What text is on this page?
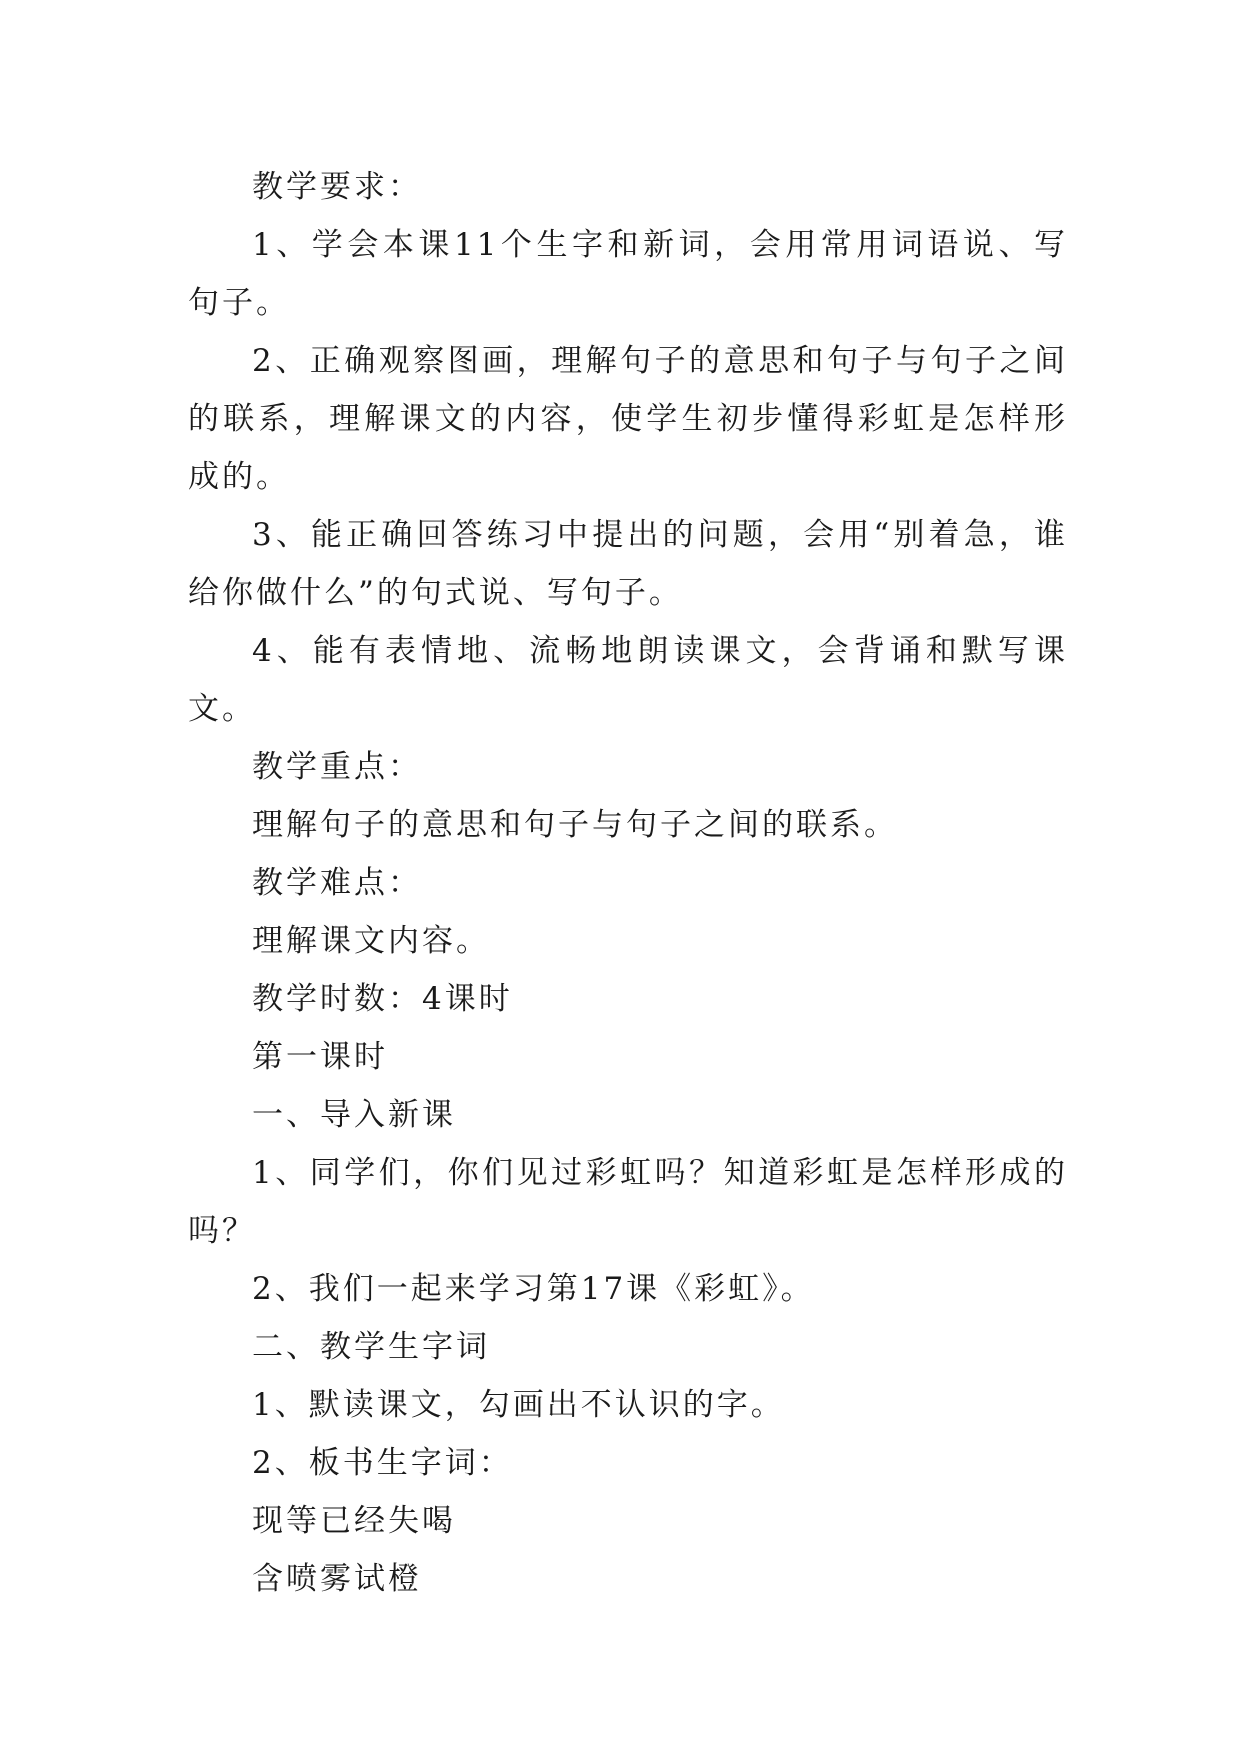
教学要求：

1、学会本课11个生字和新词，会用常用词语说、写句子。

2、正确观察图画，理解句子的意思和句子与句子之间的联系，理解课文的内容，使学生初步懂得彩虹是怎样形成的。

3、能正确回答练习中提出的问题，会用“别着急，谁给你做什么”的句式说、写句子。

4、能有表情地、流畅地朗读课文，会背诵和默写课文。

教学重点：

理解句子的意思和句子与句子之间的联系。

教学难点：

理解课文内容。

教学时数：4课时

第一课时

一、导入新课

1、同学们，你们见过彩虹吗？知道彩虹是怎样形成的吗？

2、我们一起来学习第17课《彩虹》。

二、教学生字词

1、默读课文，勾画出不认识的字。

2、板书生字词：

现等已经失喝

含喷雾试橙
